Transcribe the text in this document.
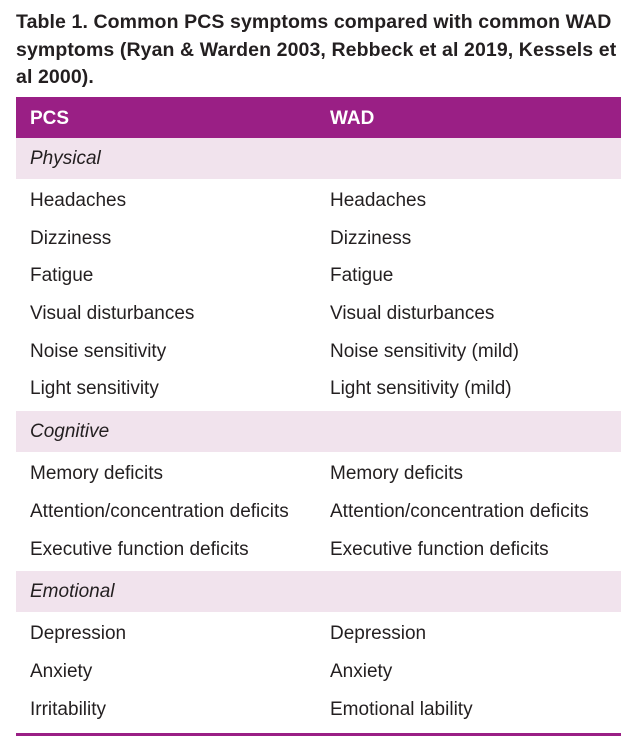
Table 1. Common PCS symptoms compared with common WAD symptoms (Ryan & Warden 2003, Rebbeck et al 2019, Kessels et al 2000).
PCS	WAD
Physical
Headaches	Headaches
Dizziness	Dizziness
Fatigue	Fatigue
Visual disturbances	Visual disturbances
Noise sensitivity	Noise sensitivity (mild)
Light sensitivity	Light sensitivity (mild)
Cognitive
Memory deficits	Memory deficits
Attention/concentration deficits Attention/concentration deficits
Executive function deficits	Executive function deficits
Emotional
Depression	Depression
Anxiety	Anxiety
Irritability	Emotional lability
